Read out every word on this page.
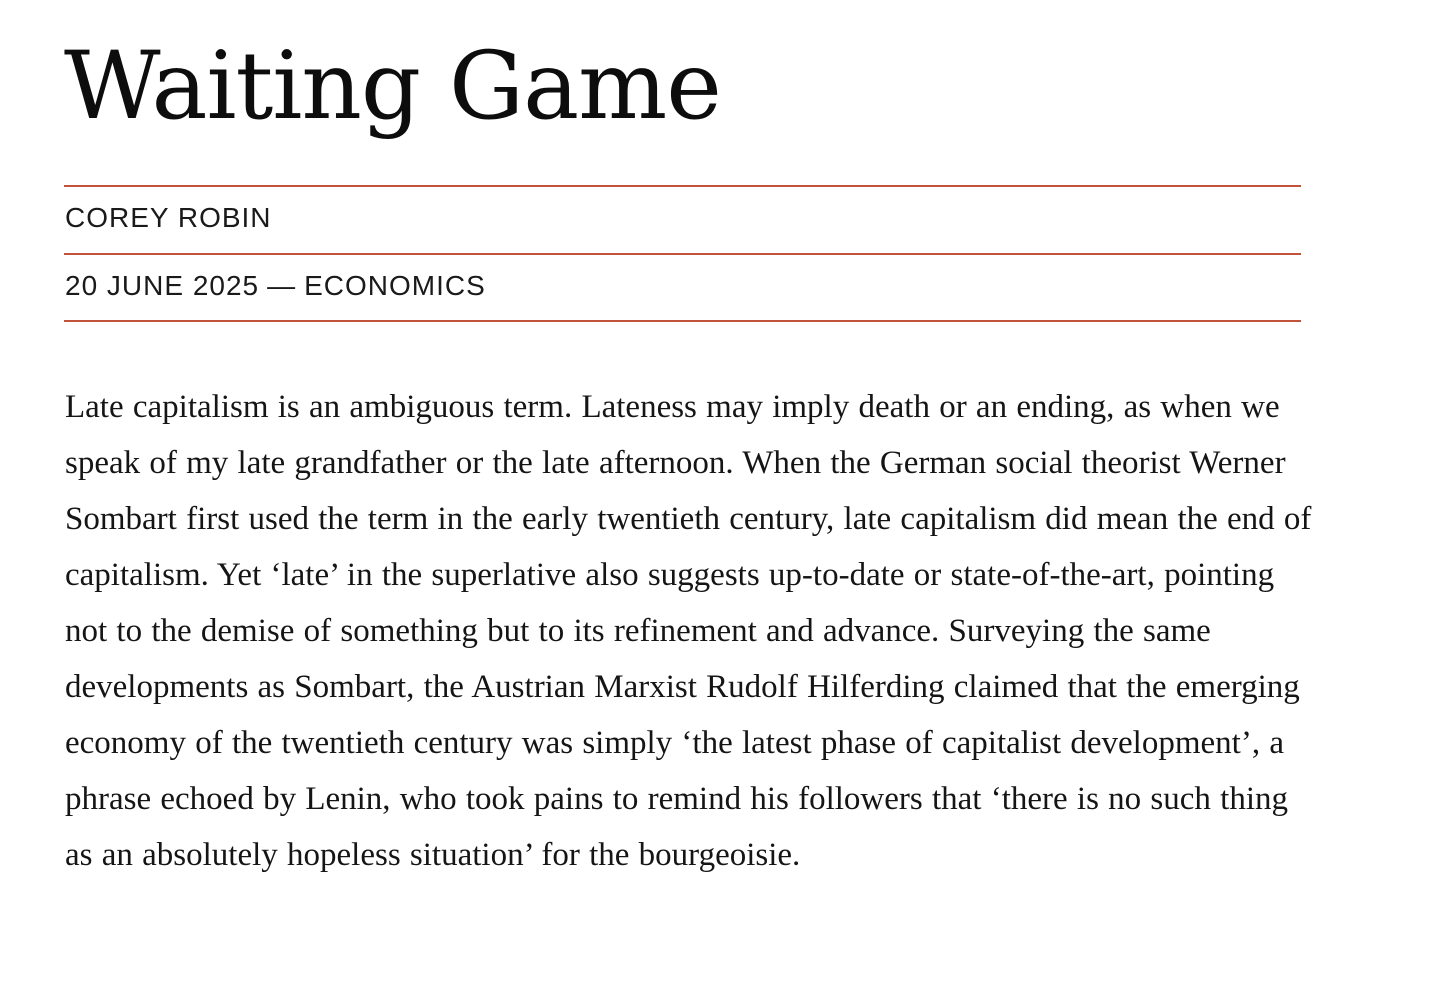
Waiting Game
COREY ROBIN
20 JUNE 2025 — ECONOMICS

Late capitalism is an ambiguous term. Lateness may imply death or an ending, as when we speak of my late grandfather or the late afternoon. When the German social theorist Werner Sombart first used the term in the early twentieth century, late capitalism did mean the end of capitalism. Yet ‘late’ in the superlative also suggests up-to-date or state-of-the-art, pointing not to the demise of something but to its refinement and advance. Surveying the same developments as Sombart, the Austrian Marxist Rudolf Hilferding claimed that the emerging economy of the twentieth century was simply ‘the latest phase of capitalist development’, a phrase echoed by Lenin, who took pains to remind his followers that ‘there is no such thing as an absolutely hopeless situation’ for the bourgeoisie.
